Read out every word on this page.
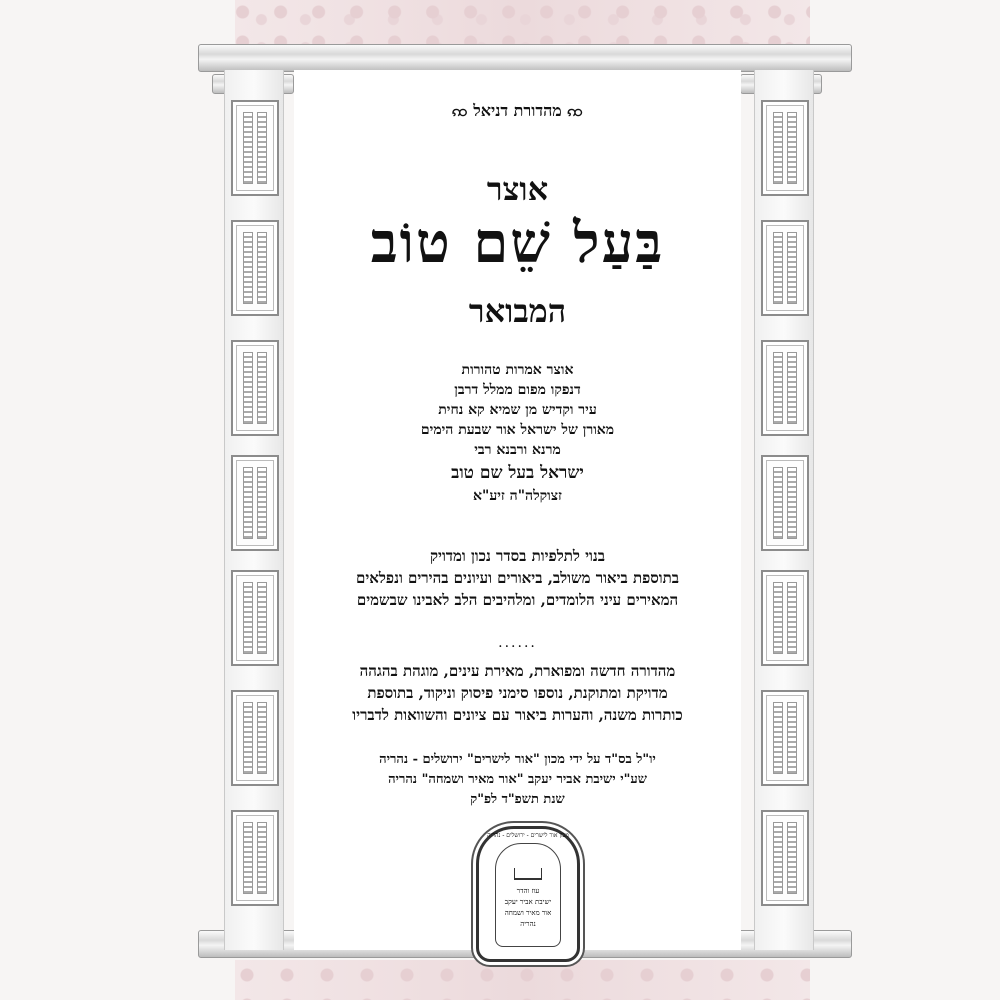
ꩡ מהדורת דניאל ꩡ
אוצר
בַּעַל שֵׁם טוֹב
המבואר
אוצר אמרות טהורות
דנפקו מפום ממלל דרבן
עיר וקדיש מן שמיא קא נחית
מאורן של ישראל אור שבעת הימים
מרנא ורבנא רבי
ישראל בעל שם טוב
זצוקלה"ה זיע"א
בנוי לתלפיות בסדר נכון ומדויק
בתוספת ביאור משולב, ביאורים ועיונים בהירים ונפלאים
המאירים עיני הלומדים, ומלהיבים הלב לאבינו שבשמים
......
מהדורה חדשה ומפוארת, מאירת עינים, מוגהת בהגהה
מדויקת ומתוקנת, נוספו סימני פיסוק וניקוד, בתוספת
כותרות משנה, והערות ביאור עם ציונים והשוואות לדבריו
יו"ל בס"ד על ידי מכון "אור לישרים" ירושלים - נהריה
שע"י ישיבת אביר יעקב "אור מאיר ושמחה" נהריה
שנת תשפ"ד לפ"ק
מכון אור לישרים - ירושלים - נהריה
עוז והדר
ישיבת אביר יעקב
אור מאיר ושמחה
נהריה
